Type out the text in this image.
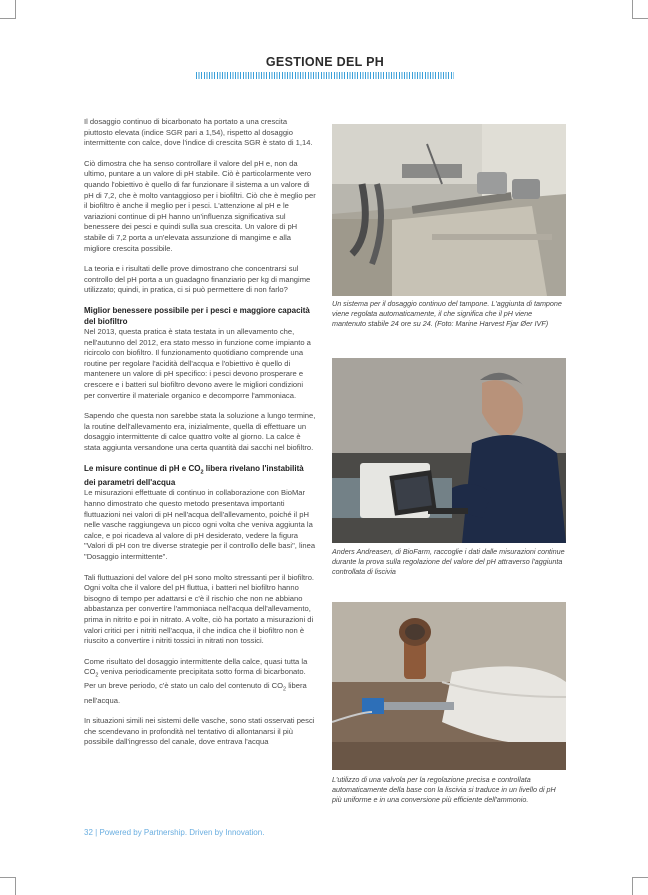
GESTIONE DEL PH

Il dosaggio continuo di bicarbonato ha portato a una crescita piuttosto elevata (indice SGR pari a 1,54), rispetto al dosaggio intermittente con calce, dove l'indice di crescita SGR è stato di 1,14.

Ciò dimostra che ha senso controllare il valore del pH e, non da ultimo, puntare a un valore di pH stabile. Ciò è particolarmente vero quando l'obiettivo è quello di far funzionare il sistema a un valore di pH di 7,2, che è molto vantaggioso per i biofiltri. Ciò che è meglio per il biofiltro è anche il meglio per i pesci. L'attenzione al pH e le variazioni continue di pH hanno un'influenza significativa sul benessere dei pesci e quindi sulla sua crescita. Un valore di pH stabile di 7,2 porta a un'elevata assunzione di mangime e alla migliore crescita possibile.

La teoria e i risultati delle prove dimostrano che concentrarsi sul controllo del pH porta a un guadagno finanziario per kg di mangime utilizzato; quindi, in pratica, ci si può permettere di non farlo?

Miglior benessere possibile per i pesci e maggiore capacità del biofiltro

Nel 2013, questa pratica è stata testata in un allevamento che, nell'autunno del 2012, era stato messo in funzione come impianto a ricircolo con biofiltro. Il funzionamento quotidiano comprende una routine per regolare l'acidità dell'acqua e l'obiettivo è quello di mantenere un valore di pH specifico: i pesci devono prosperare e crescere e i batteri sul biofiltro devono avere le migliori condizioni per convertire il materiale organico e decomporre l'ammoniaca.

Sapendo che questa non sarebbe stata la soluzione a lungo termine, la routine dell'allevamento era, inizialmente, quella di effettuare un dosaggio intermittente di calce quattro volte al giorno. La calce è stata aggiunta versandone una certa quantità dai sacchi nel biofiltro.

Le misure continue di pH e $CO_2$ libera rivelano l'instabilità dei parametri dell'acqua

Le misurazioni effettuate di continuo in collaborazione con BioMar hanno dimostrato che questo metodo presentava importanti fluttuazioni nei valori di pH nell'acqua dell'allevamento, poiché il pH nelle vasche raggiungeva un picco ogni volta che veniva aggiunta la calce, e poi ricadeva al valore di pH desiderato, vedere la figura "Valori di pH con tre diverse strategie per il controllo delle basi", linea "Dosaggio intermittente".

Tali fluttuazioni del valore del pH sono molto stressanti per il biofiltro. Ogni volta che il valore del pH fluttua, i batteri nel biofiltro hanno bisogno di tempo per adattarsi e c'è il rischio che non ne abbiano abbastanza per convertire l'ammoniaca nell'acqua dell'allevamento, prima in nitrito e poi in nitrato. A volte, ciò ha portato a misurazioni di valori critici per i nitriti nell'acqua, il che indica che il biofiltro non è riuscito a convertire i nitriti tossici in nitrati non tossici.

Come risultato del dosaggio intermittente della calce, quasi tutta la $CO_2$ veniva periodicamente precipitata sotto forma di bicarbonato. Per un breve periodo, c'è stato un calo del contenuto di $CO_2$ libera nell'acqua.

In situazioni simili nei sistemi delle vasche, sono stati osservati pesci che scendevano in profondità nel tentativo di allontanarsi il più possibile dall'ingresso del canale, dove entrava l'acqua

Un sistema per il dosaggio continuo del tampone. L'aggiunta di tampone viene regolata automaticamente, il che significa che il pH viene mantenuto stabile 24 ore su 24. (Foto: Marine Harvest Fjar Øer IVF)
Anders Andreasen, di BioFarm, raccoglie i dati dalle misurazioni continue durante la prova sulla regolazione del valore del pH attraverso l'aggiunta controllata di liscivia
L'utilizzo di una valvola per la regolazione precisa e controllata automaticamente della base con la liscivia si traduce in un livello di pH più uniforme e in una conversione più efficiente dell'ammonio.
32 | Powered by Partnership. Driven by Innovation.
